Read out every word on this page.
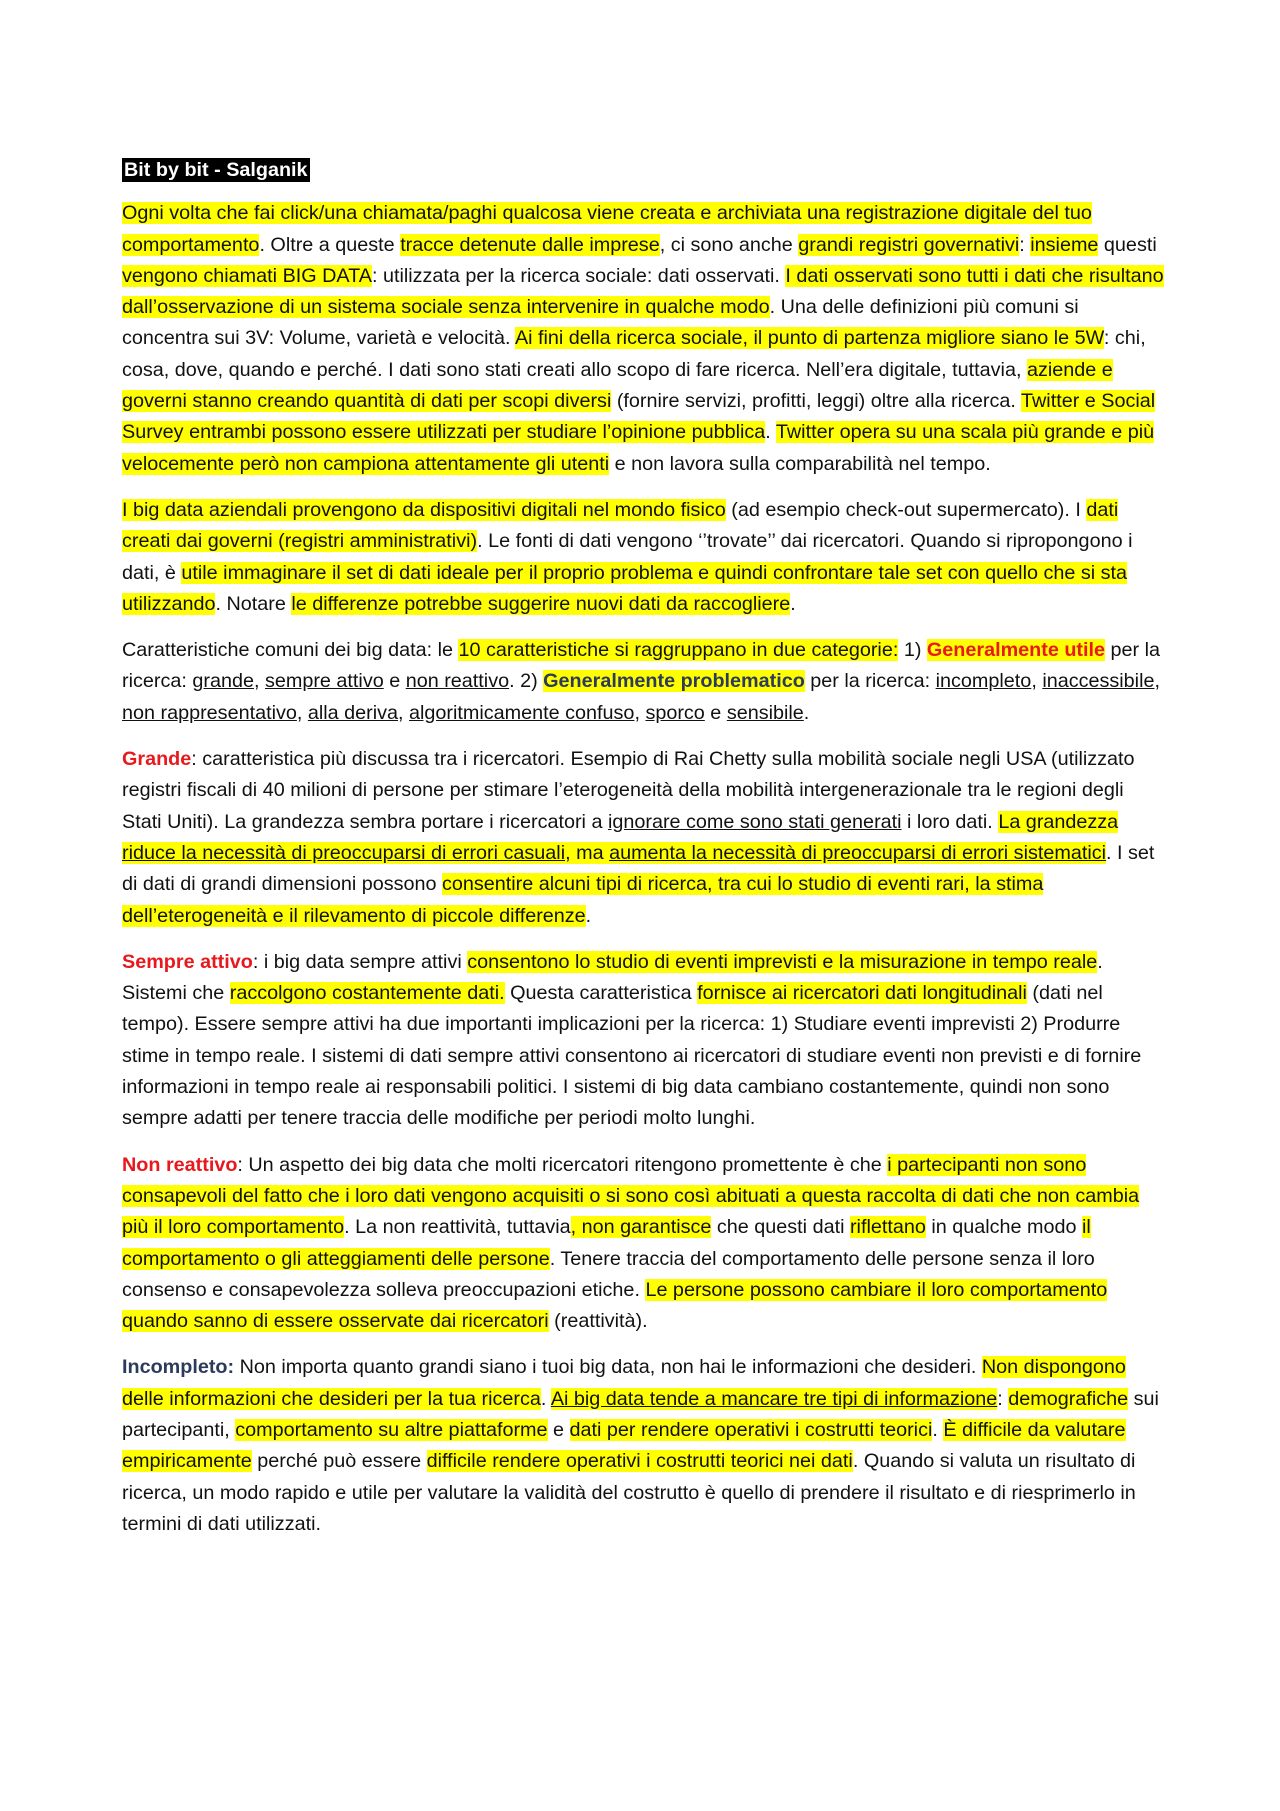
Bit by bit - Salganik

Ogni volta che fai click/una chiamata/paghi qualcosa viene creata e archiviata una registrazione digitale del tuo comportamento. Oltre a queste tracce detenute dalle imprese, ci sono anche grandi registri governativi: insieme questi vengono chiamati BIG DATA: utilizzata per la ricerca sociale: dati osservati. I dati osservati sono tutti i dati che risultano dall’osservazione di un sistema sociale senza intervenire in qualche modo. Una delle definizioni più comuni si concentra sui 3V: Volume, varietà e velocità. Ai fini della ricerca sociale, il punto di partenza migliore siano le 5W: chi, cosa, dove, quando e perché. I dati sono stati creati allo scopo di fare ricerca. Nell’era digitale, tuttavia, aziende e governi stanno creando quantità di dati per scopi diversi (fornire servizi, profitti, leggi) oltre alla ricerca. Twitter e Social Survey entrambi possono essere utilizzati per studiare l’opinione pubblica. Twitter opera su una scala più grande e più velocemente però non campiona attentamente gli utenti e non lavora sulla comparabilità nel tempo.

I big data aziendali provengono da dispositivi digitali nel mondo fisico (ad esempio check-out supermercato). I dati creati dai governi (registri amministrativi). Le fonti di dati vengono ‘’trovate’’ dai ricercatori. Quando si ripropongono i dati, è utile immaginare il set di dati ideale per il proprio problema e quindi confrontare tale set con quello che si sta utilizzando. Notare le differenze potrebbe suggerire nuovi dati da raccogliere.

Caratteristiche comuni dei big data: le 10 caratteristiche si raggruppano in due categorie: 1) Generalmente utile per la ricerca: grande, sempre attivo e non reattivo. 2) Generalmente problematico per la ricerca: incompleto, inaccessibile, non rappresentativo, alla deriva, algoritmicamente confuso, sporco e sensibile.

Grande: caratteristica più discussa tra i ricercatori. Esempio di Rai Chetty sulla mobilità sociale negli USA (utilizzato registri fiscali di 40 milioni di persone per stimare l’eterogeneità della mobilità intergenerazionale tra le regioni degli Stati Uniti). La grandezza sembra portare i ricercatori a ignorare come sono stati generati i loro dati. La grandezza riduce la necessità di preoccuparsi di errori casuali, ma aumenta la necessità di preoccuparsi di errori sistematici. I set di dati di grandi dimensioni possono consentire alcuni tipi di ricerca, tra cui lo studio di eventi rari, la stima dell’eterogeneità e il rilevamento di piccole differenze.

Sempre attivo: i big data sempre attivi consentono lo studio di eventi imprevisti e la misurazione in tempo reale. Sistemi che raccolgono costantemente dati. Questa caratteristica fornisce ai ricercatori dati longitudinali (dati nel tempo). Essere sempre attivi ha due importanti implicazioni per la ricerca: 1) Studiare eventi imprevisti 2) Produrre stime in tempo reale. I sistemi di dati sempre attivi consentono ai ricercatori di studiare eventi non previsti e di fornire informazioni in tempo reale ai responsabili politici. I sistemi di big data cambiano costantemente, quindi non sono sempre adatti per tenere traccia delle modifiche per periodi molto lunghi.

Non reattivo: Un aspetto dei big data che molti ricercatori ritengono promettente è che i partecipanti non sono consapevoli del fatto che i loro dati vengono acquisiti o si sono così abituati a questa raccolta di dati che non cambia più il loro comportamento. La non reattività, tuttavia, non garantisce che questi dati riflettano in qualche modo il comportamento o gli atteggiamenti delle persone. Tenere traccia del comportamento delle persone senza il loro consenso e consapevolezza solleva preoccupazioni etiche. Le persone possono cambiare il loro comportamento quando sanno di essere osservate dai ricercatori (reattività).

Incompleto: Non importa quanto grandi siano i tuoi big data, non hai le informazioni che desideri. Non dispongono delle informazioni che desideri per la tua ricerca. Ai big data tende a mancare tre tipi di informazione: demografiche sui partecipanti, comportamento su altre piattaforme e dati per rendere operativi i costrutti teorici. È difficile da valutare empiricamente perché può essere difficile rendere operativi i costrutti teorici nei dati. Quando si valuta un risultato di ricerca, un modo rapido e utile per valutare la validità del costrutto è quello di prendere il risultato e di riesprimerlo in termini di dati utilizzati.
